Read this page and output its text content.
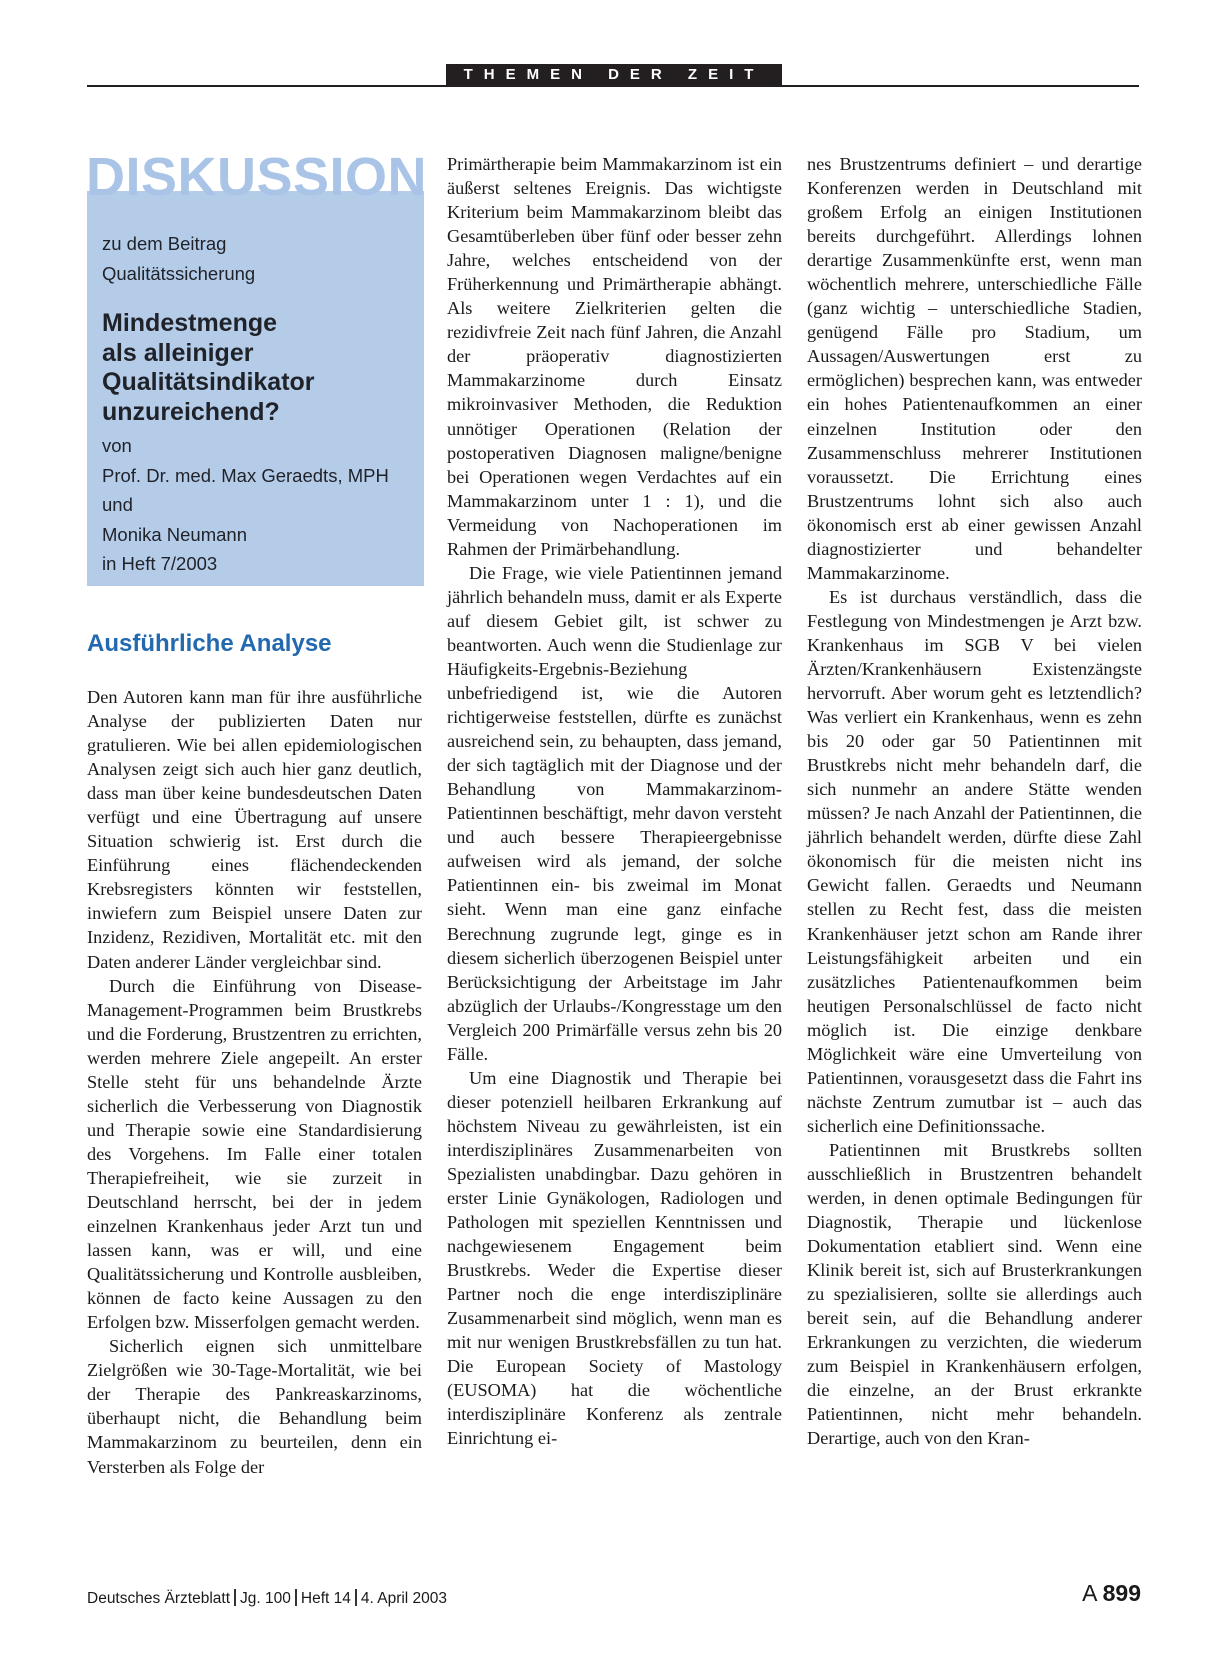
THEMEN DER ZEIT
zu dem Beitrag
Qualitätssicherung
Mindestmenge
als alleiniger
Qualitätsindikator
unzureichend?
von
Prof. Dr. med. Max Geraedts, MPH
und
Monika Neumann
in Heft 7/2003
DISKUSSION
Ausführliche Analyse

Den Autoren kann man für ihre ausführliche Analyse der publizierten Daten nur gratulieren. Wie bei allen epidemiologischen Analysen zeigt sich auch hier ganz deutlich, dass man über keine bundesdeutschen Daten verfügt und eine Übertragung auf unsere Situation schwierig ist. Erst durch die Einführung eines flächendeckenden Krebsregisters könnten wir feststellen, inwiefern zum Beispiel unsere Daten zur Inzidenz, Rezidiven, Mortalität etc. mit den Daten anderer Länder vergleichbar sind.

Durch die Einführung von Disease-Management-Programmen beim Brustkrebs und die Forderung, Brustzentren zu errichten, werden mehrere Ziele angepeilt. An erster Stelle steht für uns behandelnde Ärzte sicherlich die Verbesserung von Diagnostik und Therapie sowie eine Standardisierung des Vorgehens. Im Falle einer totalen Therapiefreiheit, wie sie zurzeit in Deutschland herrscht, bei der in jedem einzelnen Krankenhaus jeder Arzt tun und lassen kann, was er will, und eine Qualitätssicherung und Kontrolle ausbleiben, können de facto keine Aussagen zu den Erfolgen bzw. Misserfolgen gemacht werden.

Sicherlich eignen sich unmittelbare Zielgrößen wie 30-Tage-Mortalität, wie bei der Therapie des Pankreaskarzinoms, überhaupt nicht, die Behandlung beim Mammakarzinom zu beurteilen, denn ein Versterben als Folge der

Primärtherapie beim Mammakarzinom ist ein äußerst seltenes Ereignis. Das wichtigste Kriterium beim Mammakarzinom bleibt das Gesamtüberleben über fünf oder besser zehn Jahre, welches entscheidend von der Früherkennung und Primärtherapie abhängt. Als weitere Zielkriterien gelten die rezidivfreie Zeit nach fünf Jahren, die Anzahl der präoperativ diagnostizierten Mammakarzinome durch Einsatz mikroinvasiver Methoden, die Reduktion unnötiger Operationen (Relation der postoperativen Diagnosen maligne/benigne bei Operationen wegen Verdachtes auf ein Mammakarzinom unter 1 : 1), und die Vermeidung von Nachoperationen im Rahmen der Primärbehandlung.

Die Frage, wie viele Patientinnen jemand jährlich behandeln muss, damit er als Experte auf diesem Gebiet gilt, ist schwer zu beantworten. Auch wenn die Studienlage zur Häufigkeits-Ergebnis-Beziehung unbefriedigend ist, wie die Autoren richtigerweise feststellen, dürfte es zunächst ausreichend sein, zu behaupten, dass jemand, der sich tagtäglich mit der Diagnose und der Behandlung von Mammakarzinom-Patientinnen beschäftigt, mehr davon versteht und auch bessere Therapieergebnisse aufweisen wird als jemand, der solche Patientinnen ein- bis zweimal im Monat sieht. Wenn man eine ganz einfache Berechnung zugrunde legt, ginge es in diesem sicherlich überzogenen Beispiel unter Berücksichtigung der Arbeitstage im Jahr abzüglich der Urlaubs-/Kongresstage um den Vergleich 200 Primärfälle versus zehn bis 20 Fälle.

Um eine Diagnostik und Therapie bei dieser potenziell heilbaren Erkrankung auf höchstem Niveau zu gewährleisten, ist ein interdisziplinäres Zusammenarbeiten von Spezialisten unabdingbar. Dazu gehören in erster Linie Gynäkologen, Radiologen und Pathologen mit speziellen Kenntnissen und nachgewiesenem Engagement beim Brustkrebs. Weder die Expertise dieser Partner noch die enge interdisziplinäre Zusammenarbeit sind möglich, wenn man es mit nur wenigen Brustkrebsfällen zu tun hat. Die European Society of Mastology (EUSOMA) hat die wöchentliche interdisziplinäre Konferenz als zentrale Einrichtung ei-

nes Brustzentrums definiert – und derartige Konferenzen werden in Deutschland mit großem Erfolg an einigen Institutionen bereits durchgeführt. Allerdings lohnen derartige Zusammenkünfte erst, wenn man wöchentlich mehrere, unterschiedliche Fälle (ganz wichtig – unterschiedliche Stadien, genügend Fälle pro Stadium, um Aussagen/Auswertungen erst zu ermöglichen) besprechen kann, was entweder ein hohes Patientenaufkommen an einer einzelnen Institution oder den Zusammenschluss mehrerer Institutionen voraussetzt. Die Errichtung eines Brustzentrums lohnt sich also auch ökonomisch erst ab einer gewissen Anzahl diagnostizierter und behandelter Mammakarzinome.

Es ist durchaus verständlich, dass die Festlegung von Mindestmengen je Arzt bzw. Krankenhaus im SGB V bei vielen Ärzten/Krankenhäusern Existenzängste hervorruft. Aber worum geht es letztendlich? Was verliert ein Krankenhaus, wenn es zehn bis 20 oder gar 50 Patientinnen mit Brustkrebs nicht mehr behandeln darf, die sich nunmehr an andere Stätte wenden müssen? Je nach Anzahl der Patientinnen, die jährlich behandelt werden, dürfte diese Zahl ökonomisch für die meisten nicht ins Gewicht fallen. Geraedts und Neumann stellen zu Recht fest, dass die meisten Krankenhäuser jetzt schon am Rande ihrer Leistungsfähigkeit arbeiten und ein zusätzliches Patientenaufkommen beim heutigen Personalschlüssel de facto nicht möglich ist. Die einzige denkbare Möglichkeit wäre eine Umverteilung von Patientinnen, vorausgesetzt dass die Fahrt ins nächste Zentrum zumutbar ist – auch das sicherlich eine Definitionssache.

Patientinnen mit Brustkrebs sollten ausschließlich in Brustzentren behandelt werden, in denen optimale Bedingungen für Diagnostik, Therapie und lückenlose Dokumentation etabliert sind. Wenn eine Klinik bereit ist, sich auf Brusterkrankungen zu spezialisieren, sollte sie allerdings auch bereit sein, auf die Behandlung anderer Erkrankungen zu verzichten, die wiederum zum Beispiel in Krankenhäusern erfolgen, die einzelne, an der Brust erkrankte Patientinnen, nicht mehr behandeln. Derartige, auch von den Kran-

Deutsches Ärzteblatt Jg. 100 Heft 14 4. April 2003	A 899
